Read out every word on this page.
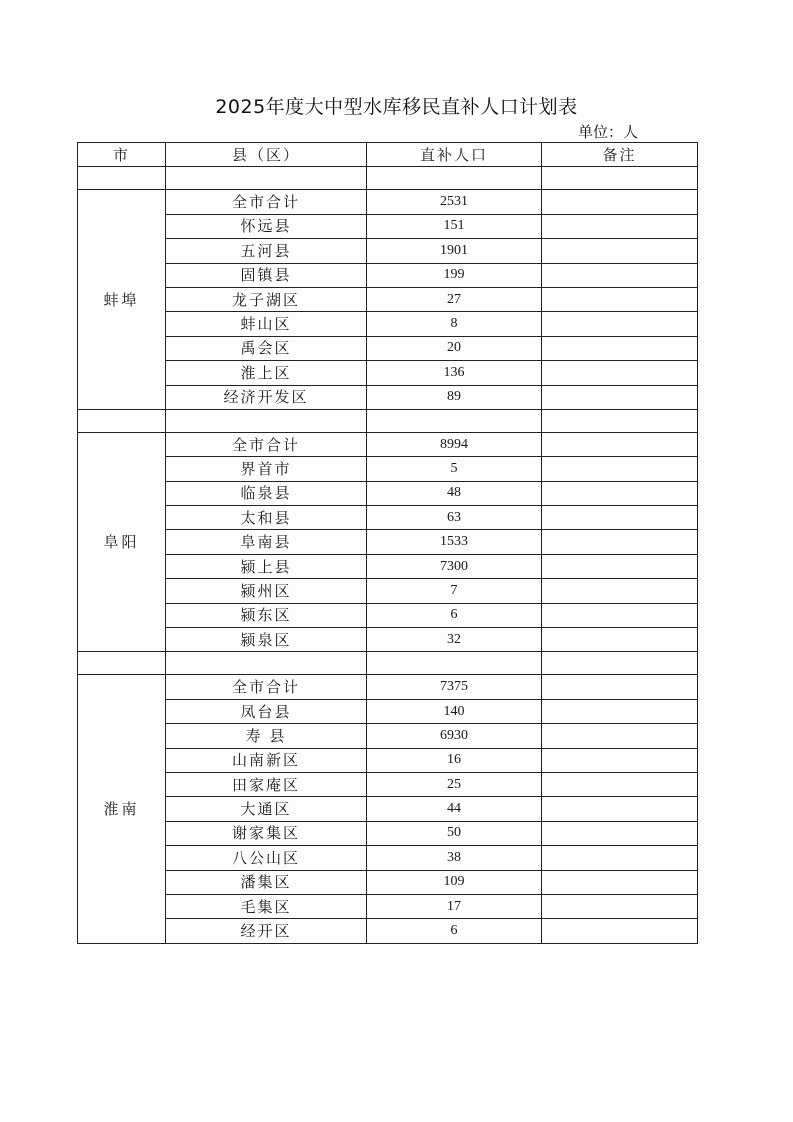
2025年度大中型水库移民直补人口计划表
单位：人
市	县（区）	直补人口	备注

蚌埠	全市合计	2531	
	怀远县	151	
	五河县	1901	
	固镇县	199	
	龙子湖区	27	
	蚌山区	8	
	禹会区	20	
	淮上区	136	
	经济开发区	89	

阜阳	全市合计	8994	
	界首市	5	
	临泉县	48	
	太和县	63	
	阜南县	1533	
	颍上县	7300	
	颍州区	7	
	颍东区	6	
	颍泉区	32	

淮南	全市合计	7375	
	凤台县	140	
	寿 县	6930	
	山南新区	16	
	田家庵区	25	
	大通区	44	
	谢家集区	50	
	八公山区	38	
	潘集区	109	
	毛集区	17	
	经开区	6	
